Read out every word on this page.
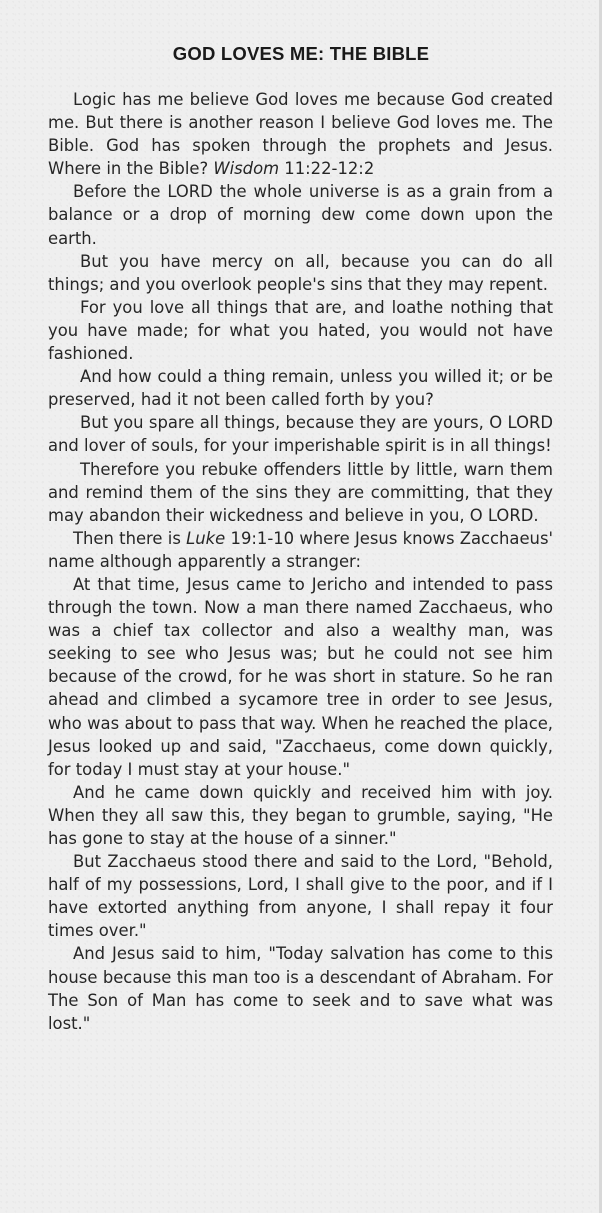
GOD LOVES ME: THE BIBLE

Logic has me believe God loves me because God created me. But there is another reason I believe God loves me. The Bible. God has spoken through the prophets and Jesus. Where in the Bible? Wisdom 11:22-12:2

Before the LORD the whole universe is as a grain from a balance or a drop of morning dew come down upon the earth.

But you have mercy on all, because you can do all things; and you overlook people's sins that they may repent.

For you love all things that are, and loathe nothing that you have made; for what you hated, you would not have fashioned.

And how could a thing remain, unless you willed it; or be preserved, had it not been called forth by you?

But you spare all things, because they are yours, O LORD and lover of souls, for your imperishable spirit is in all things!

Therefore you rebuke offenders little by little, warn them and remind them of the sins they are committing, that they may abandon their wickedness and believe in you, O LORD.

Then there is Luke 19:1-10 where Jesus knows Zacchaeus' name although apparently a stranger:

At that time, Jesus came to Jericho and intended to pass through the town. Now a man there named Zacchaeus, who was a chief tax collector and also a wealthy man, was seeking to see who Jesus was; but he could not see him because of the crowd, for he was short in stature. So he ran ahead and climbed a sycamore tree in order to see Jesus, who was about to pass that way. When he reached the place, Jesus looked up and said, "Zacchaeus, come down quickly, for today I must stay at your house."

And he came down quickly and received him with joy. When they all saw this, they began to grumble, saying, "He has gone to stay at the house of a sinner."

But Zacchaeus stood there and said to the Lord, "Behold, half of my possessions, Lord, I shall give to the poor, and if I have extorted anything from anyone, I shall repay it four times over."

And Jesus said to him, "Today salvation has come to this house because this man too is a descendant of Abraham. For The Son of Man has come to seek and to save what was lost."
